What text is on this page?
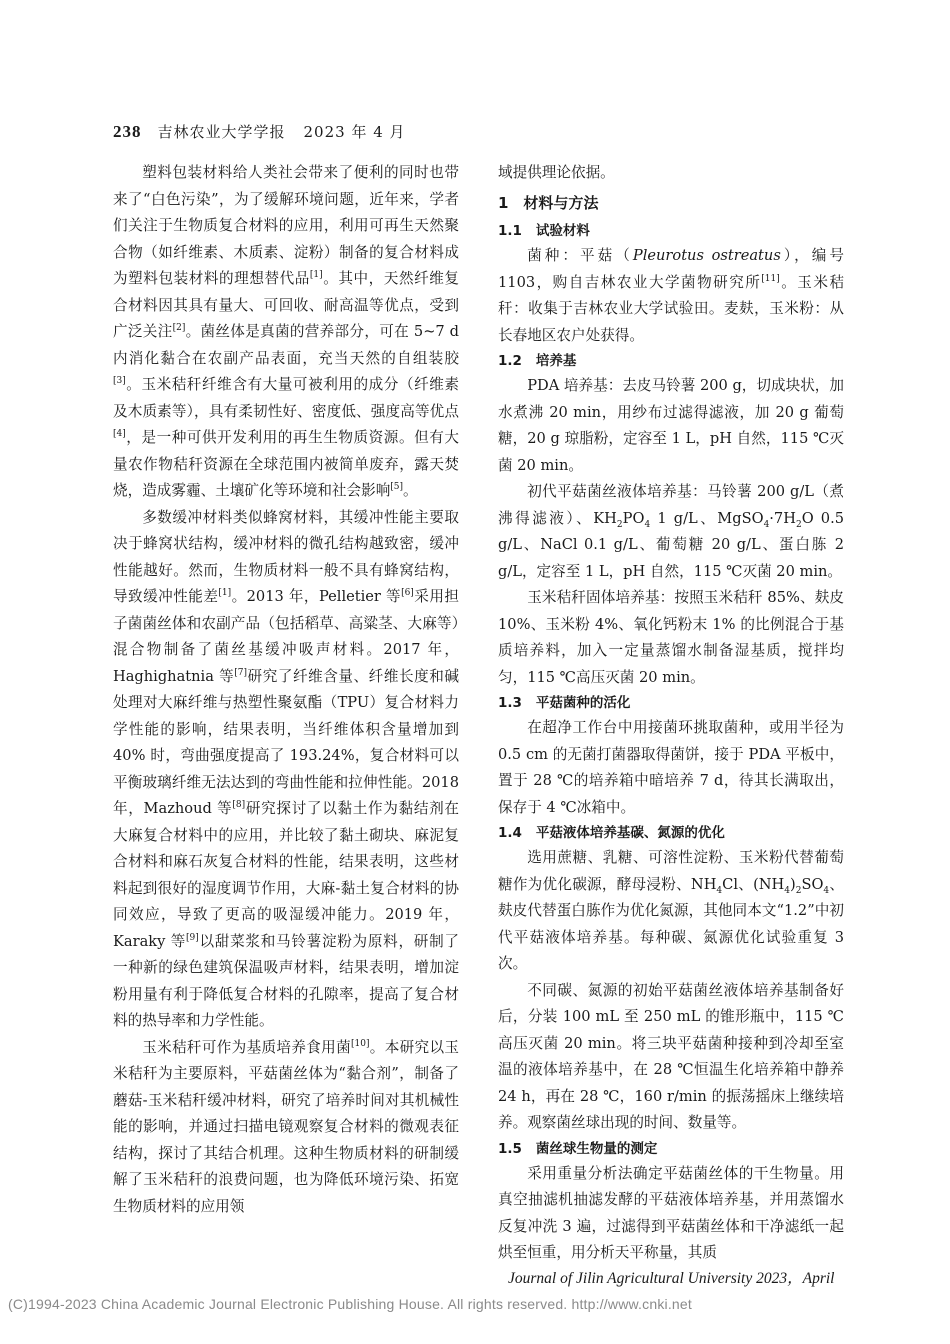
238 吉林农业大学学报 2023 年 4 月

塑料包装材料给人类社会带来了便利的同时也带来了“白色污染”，为了缓解环境问题，近年来，学者们关注于生物质复合材料的应用，利用可再生天然聚合物（如纤维素、木质素、淀粉）制备的复合材料成为塑料包装材料的理想替代品[1]。其中，天然纤维复合材料因其具有量大、可回收、耐高温等优点，受到广泛关注[2]。菌丝体是真菌的营养部分，可在 5~7 d 内消化黏合在农副产品表面，充当天然的自组装胶[3]。玉米秸秆纤维含有大量可被利用的成分（纤维素及木质素等），具有柔韧性好、密度低、强度高等优点[4]，是一种可供开发利用的再生生物质资源。但有大量农作物秸秆资源在全球范围内被简单废弃，露天焚烧，造成雾霾、土壤矿化等环境和社会影响[5]。

多数缓冲材料类似蜂窝材料，其缓冲性能主要取决于蜂窝状结构，缓冲材料的微孔结构越致密，缓冲性能越好。然而，生物质材料一般不具有蜂窝结构，导致缓冲性能差[1]。2013 年，Pelletier 等[6]采用担子菌菌丝体和农副产品（包括稻草、高粱茎、大麻等）混合物制备了菌丝基缓冲吸声材料。2017 年，Haghighatnia 等[7]研究了纤维含量、纤维长度和碱处理对大麻纤维与热塑性聚氨酯（TPU）复合材料力学性能的影响，结果表明，当纤维体积含量增加到 40% 时，弯曲强度提高了 193.24%，复合材料可以平衡玻璃纤维无法达到的弯曲性能和拉伸性能。2018 年，Mazhoud 等[8]研究探讨了以黏土作为黏结剂在大麻复合材料中的应用，并比较了黏土砌块、麻泥复合材料和麻石灰复合材料的性能，结果表明，这些材料起到很好的湿度调节作用，大麻-黏土复合材料的协同效应，导致了更高的吸湿缓冲能力。2019 年，Karaky 等[9]以甜菜浆和马铃薯淀粉为原料，研制了一种新的绿色建筑保温吸声材料，结果表明，增加淀粉用量有利于降低复合材料的孔隙率，提高了复合材料的热导率和力学性能。

玉米秸秆可作为基质培养食用菌[10]。本研究以玉米秸秆为主要原料，平菇菌丝体为“黏合剂”，制备了蘑菇-玉米秸秆缓冲材料，研究了培养时间对其机械性能的影响，并通过扫描电镜观察复合材料的微观表征结构，探讨了其结合机理。这种生物质材料的研制缓解了玉米秸秆的浪费问题，也为降低环境污染、拓宽生物质材料的应用领

域提供理论依据。

1　材料与方法
1.1 试验材料

菌种：平菇（Pleurotus ostreatus），编号 1103，购自吉林农业大学菌物研究所[11]。玉米秸秆：收集于吉林农业大学试验田。麦麸，玉米粉：从长春地区农户处获得。

1.2 培养基

PDA 培养基：去皮马铃薯 200 g，切成块状，加水煮沸 20 min，用纱布过滤得滤液，加 20 g 葡萄糖，20 g 琼脂粉，定容至 1 L，pH 自然，115 ℃灭菌 20 min。

初代平菇菌丝液体培养基：马铃薯 200 g/L（煮沸得滤液）、$KH_2PO_4$ 1 g/L、$MgSO_4\cdot 7H_2O$ 0.5 g/L、NaCl 0.1 g/L、葡萄糖 20 g/L、蛋白胨 2 g/L，定容至 1 L，pH 自然，115 ℃灭菌 20 min。

玉米秸秆固体培养基：按照玉米秸秆 85%、麸皮 10%、玉米粉 4%、氧化钙粉末 1% 的比例混合于基质培养料，加入一定量蒸馏水制备湿基质，搅拌均匀，115 ℃高压灭菌 20 min。

1.3 平菇菌种的活化

在超净工作台中用接菌环挑取菌种，或用半径为 0.5 cm 的无菌打菌器取得菌饼，接于 PDA 平板中，置于 28 ℃的培养箱中暗培养 7 d，待其长满取出，保存于 4 ℃冰箱中。

1.4 平菇液体培养基碳、氮源的优化

选用蔗糖、乳糖、可溶性淀粉、玉米粉代替葡萄糖作为优化碳源，酵母浸粉、$NH_4Cl$、$(NH_4)_2SO_4$、麸皮代替蛋白胨作为优化氮源，其他同本文“1.2”中初代平菇液体培养基。每种碳、氮源优化试验重复 3 次。

不同碳、氮源的初始平菇菌丝液体培养基制备好后，分装 100 mL 至 250 mL 的锥形瓶中，115 ℃高压灭菌 20 min。将三块平菇菌种接种到冷却至室温的液体培养基中，在 28 ℃恒温生化培养箱中静养 24 h，再在 28 ℃，160 r/min 的振荡摇床上继续培养。观察菌丝球出现的时间、数量等。

1.5 菌丝球生物量的测定

采用重量分析法确定平菇菌丝体的干生物量。用真空抽滤机抽滤发酵的平菇液体培养基，并用蒸馏水反复冲洗 3 遍，过滤得到平菇菌丝体和干净滤纸一起烘至恒重，用分析天平称量，其质

Journal of Jilin Agricultural University 2023，April
(C)1994-2023 China Academic Journal Electronic Publishing House. All rights reserved. http://www.cnki.net
